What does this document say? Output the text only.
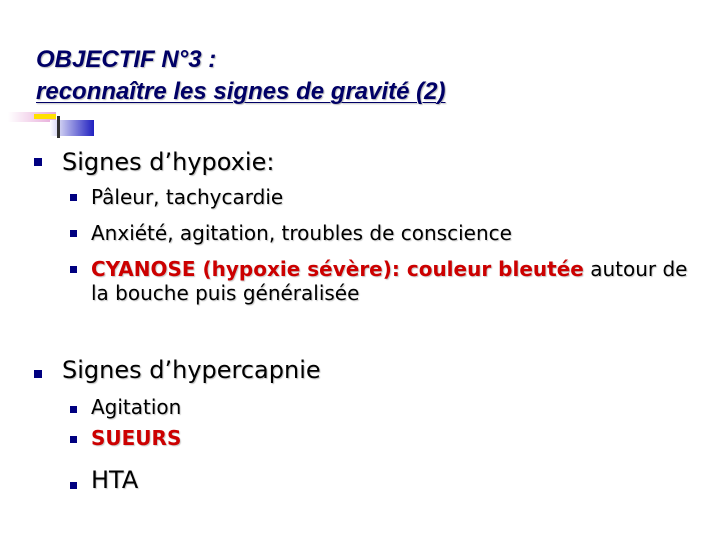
OBJECTIF N°3 :
reconnaître les signes de gravité (2)
Signes d’hypoxie:
Pâleur, tachycardie
Anxiété, agitation, troubles de conscience
CYANOSE (hypoxie sévère): couleur bleutée autour de la bouche puis généralisée
Signes d’hypercapnie
Agitation
SUEURS
HTA
